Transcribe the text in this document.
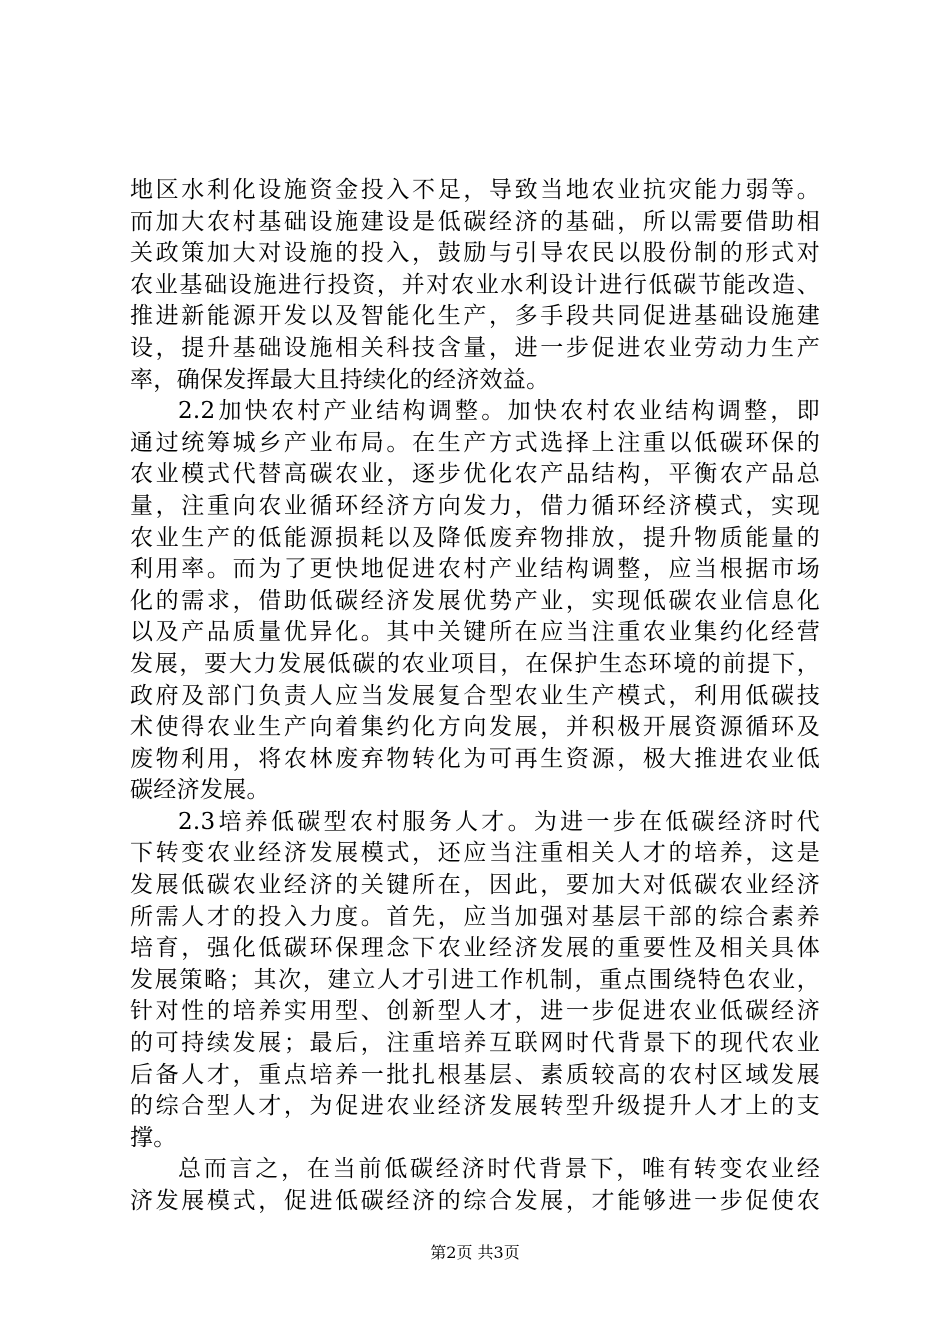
地区水利化设施资金投入不足，导致当地农业抗灾能力弱等。
而加大农村基础设施建设是低碳经济的基础，所以需要借助相
关政策加大对设施的投入，鼓励与引导农民以股份制的形式对
农业基础设施进行投资，并对农业水利设计进行低碳节能改造、
推进新能源开发以及智能化生产，多手段共同促进基础设施建
设，提升基础设施相关科技含量，进一步促进农业劳动力生产
率，确保发挥最大且持续化的经济效益。
2.2加快农村产业结构调整。加快农村农业结构调整，即
通过统筹城乡产业布局。在生产方式选择上注重以低碳环保的
农业模式代替高碳农业，逐步优化农产品结构，平衡农产品总
量，注重向农业循环经济方向发力，借力循环经济模式，实现
农业生产的低能源损耗以及降低废弃物排放，提升物质能量的
利用率。而为了更快地促进农村产业结构调整，应当根据市场
化的需求，借助低碳经济发展优势产业，实现低碳农业信息化
以及产品质量优异化。其中关键所在应当注重农业集约化经营
发展，要大力发展低碳的农业项目，在保护生态环境的前提下，
政府及部门负责人应当发展复合型农业生产模式，利用低碳技
术使得农业生产向着集约化方向发展，并积极开展资源循环及
废物利用，将农林废弃物转化为可再生资源，极大推进农业低
碳经济发展。
2.3培养低碳型农村服务人才。为进一步在低碳经济时代
下转变农业经济发展模式，还应当注重相关人才的培养，这是
发展低碳农业经济的关键所在，因此，要加大对低碳农业经济
所需人才的投入力度。首先，应当加强对基层干部的综合素养
培育，强化低碳环保理念下农业经济发展的重要性及相关具体
发展策略；其次，建立人才引进工作机制，重点围绕特色农业，
针对性的培养实用型、创新型人才，进一步促进农业低碳经济
的可持续发展；最后，注重培养互联网时代背景下的现代农业
后备人才，重点培养一批扎根基层、素质较高的农村区域发展
的综合型人才，为促进农业经济发展转型升级提升人才上的支
撑。
总而言之，在当前低碳经济时代背景下，唯有转变农业经
济发展模式，促进低碳经济的综合发展，才能够进一步促使农
第2页 共3页
